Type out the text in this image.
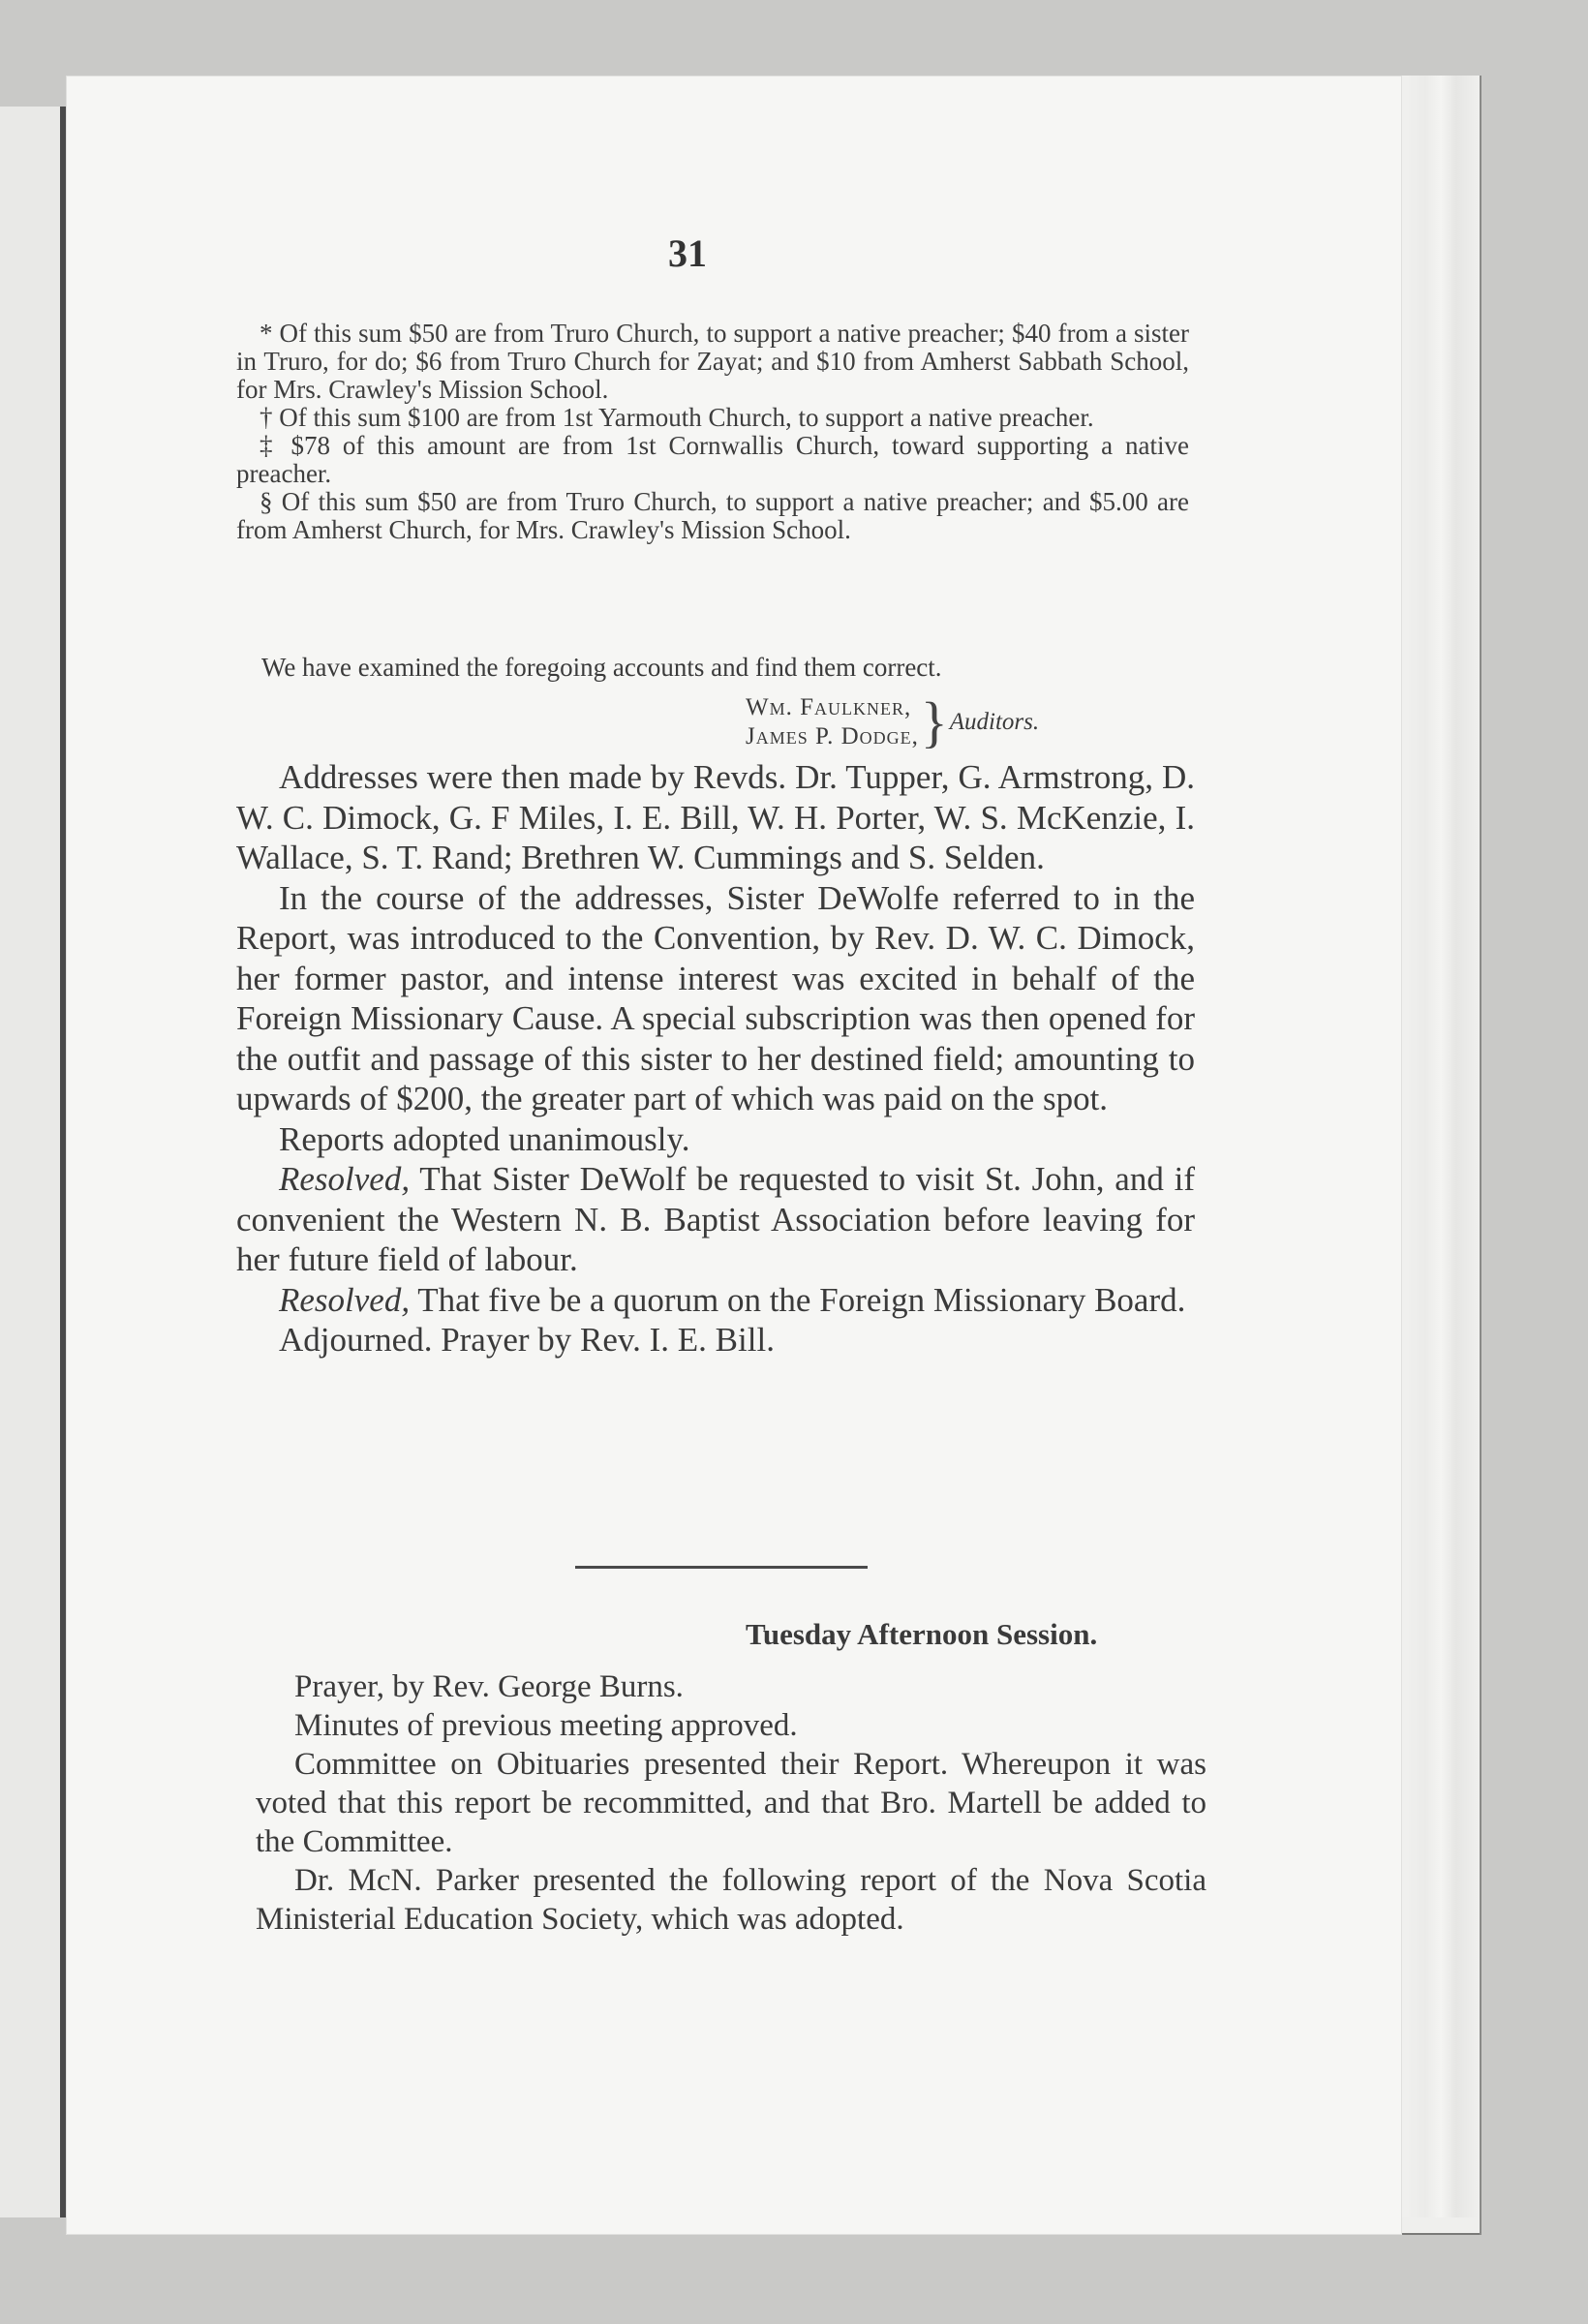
31

* Of this sum $50 are from Truro Church, to support a native preacher; $40 from a sister in Truro, for do; $6 from Truro Church for Zayat; and $10 from Amherst Sabbath School, for Mrs. Crawley's Mission School.

† Of this sum $100 are from 1st Yarmouth Church, to support a native preacher.

‡ $78 of this amount are from 1st Cornwallis Church, toward supporting a native preacher.

§ Of this sum $50 are from Truro Church, to support a native preacher; and $5.00 are from Amherst Church, for Mrs. Crawley's Mission School.

We have examined the foregoing accounts and find them correct.
Wm. Faulkner,
James P. Dodge,}Auditors.

Addresses were then made by Revds. Dr. Tupper, G. Armstrong, D. W. C. Dimock, G. F Miles, I. E. Bill, W. H. Porter, W. S. McKenzie, I. Wallace, S. T. Rand; Brethren W. Cummings and S. Selden.

In the course of the addresses, Sister DeWolfe referred to in the Report, was introduced to the Convention, by Rev. D. W. C. Dimock, her former pastor, and intense interest was excited in behalf of the Foreign Missionary Cause. A special subscription was then opened for the outfit and passage of this sister to her destined field; amounting to upwards of $200, the greater part of which was paid on the spot.

Reports adopted unanimously.

Resolved, That Sister DeWolf be requested to visit St. John, and if convenient the Western N. B. Baptist Association before leaving for her future field of labour.

Resolved, That five be a quorum on the Foreign Missionary Board.

Adjourned. Prayer by Rev. I. E. Bill.

Tuesday Afternoon Session.

Prayer, by Rev. George Burns.

Minutes of previous meeting approved.

Committee on Obituaries presented their Report. Whereupon it was voted that this report be recommitted, and that Bro. Martell be added to the Committee.

Dr. McN. Parker presented the following report of the Nova Scotia Ministerial Education Society, which was adopted.
